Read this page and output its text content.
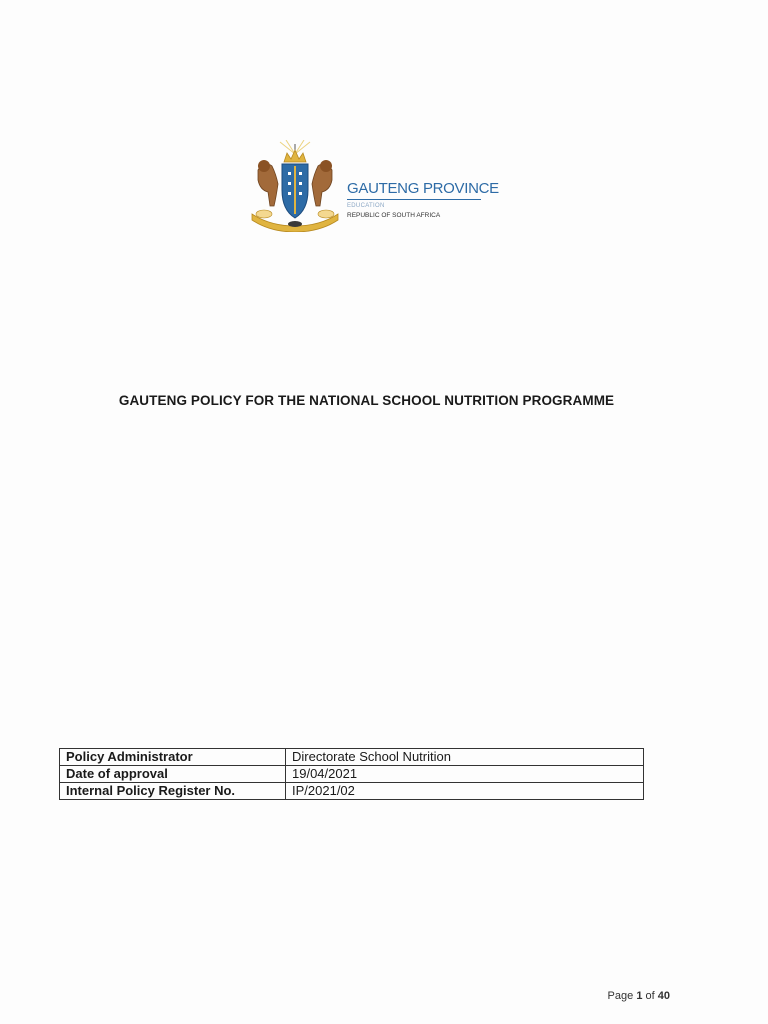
GAUTENG PROVINCE
EDUCATION
REPUBLIC OF SOUTH AFRICA
GAUTENG POLICY FOR THE NATIONAL SCHOOL NUTRITION PROGRAMME
Policy Administrator	Directorate School Nutrition
Date of approval	19/04/2021
Internal Policy Register No.	IP/2021/02
Page 1 of 40
